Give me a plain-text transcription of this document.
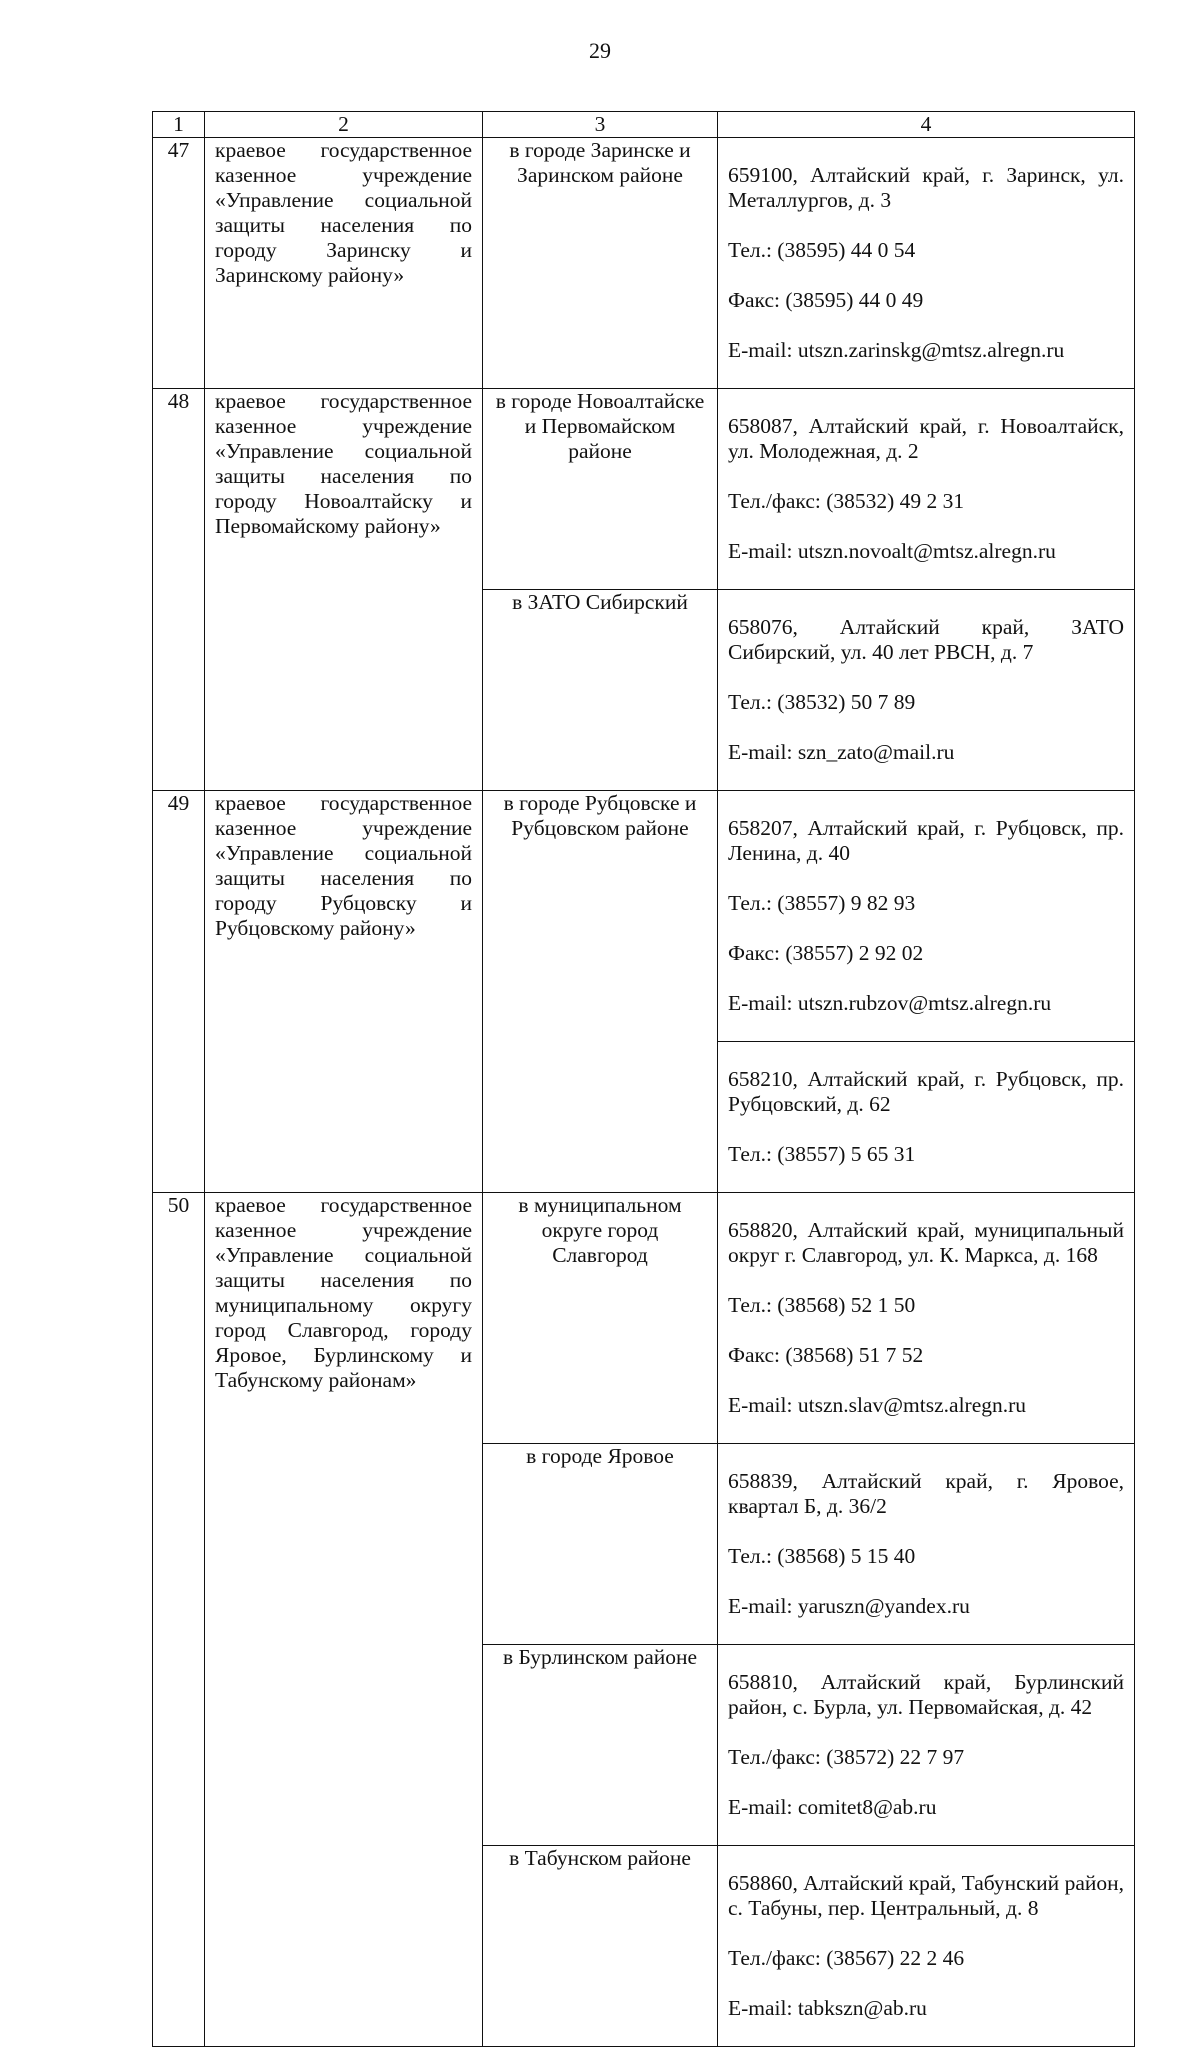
29
1	2	3	4
47	краевое государственное казенное учреждение «Управление социальной защиты населения по городу Заринску и Заринскому району»	в городе Заринске и Заринском районе	659100, Алтайский край, г. Заринск, ул. Металлургов, д. 3

Тел.: (38595) 44 0 54

Факс: (38595) 44 0 49

E-mail: utszn.zarinskg@mtsz.alregn.ru

48	краевое государственное казенное учреждение «Управление социальной защиты населения по городу Новоалтайску и Первомайскому району»	в городе Новоалтайске и Первомайском районе	658087, Алтайский край, г. Новоалтайск, ул. Молодежная, д. 2

Тел./факс: (38532) 49 2 31

E-mail: utszn.novoalt@mtsz.alregn.ru

		в ЗАТО Сибирский	658076, Алтайский край, ЗАТО Сибирский, ул. 40 лет РВСН, д. 7

Тел.: (38532) 50 7 89

E-mail: szn_zato@mail.ru

49	краевое государственное казенное учреждение «Управление социальной защиты населения по городу Рубцовску и Рубцовскому району»	в городе Рубцовске и Рубцовском районе	658207, Алтайский край, г. Рубцовск, пр. Ленина, д. 40

Тел.: (38557) 9 82 93

Факс: (38557) 2 92 02

E-mail: utszn.rubzov@mtsz.alregn.ru

			658210, Алтайский край, г. Рубцовск, пр. Рубцовский, д. 62

Тел.: (38557) 5 65 31

50	краевое государственное казенное учреждение «Управление социальной защиты населения по муниципальному округу город Славгород, городу Яровое, Бурлинскому и Табунскому районам»	в муниципальном округе город Славгород	658820, Алтайский край, муниципальный округ г. Славгород, ул. К. Маркса, д. 168

Тел.: (38568) 52 1 50

Факс: (38568) 51 7 52

E-mail: utszn.slav@mtsz.alregn.ru

		в городе Яровое	658839, Алтайский край, г. Яровое, квартал Б, д. 36/2

Тел.: (38568) 5 15 40

E-mail: yaruszn@yandex.ru

		в Бурлинском районе	658810, Алтайский край, Бурлинский район, с. Бурла, ул. Первомайская, д. 42

Тел./факс: (38572) 22 7 97

E-mail: comitet8@ab.ru

		в Табунском районе	658860, Алтайский край, Табунский район, с. Табуны, пер. Центральный, д. 8

Тел./факс: (38567) 22 2 46

E-mail: tabkszn@ab.ru
